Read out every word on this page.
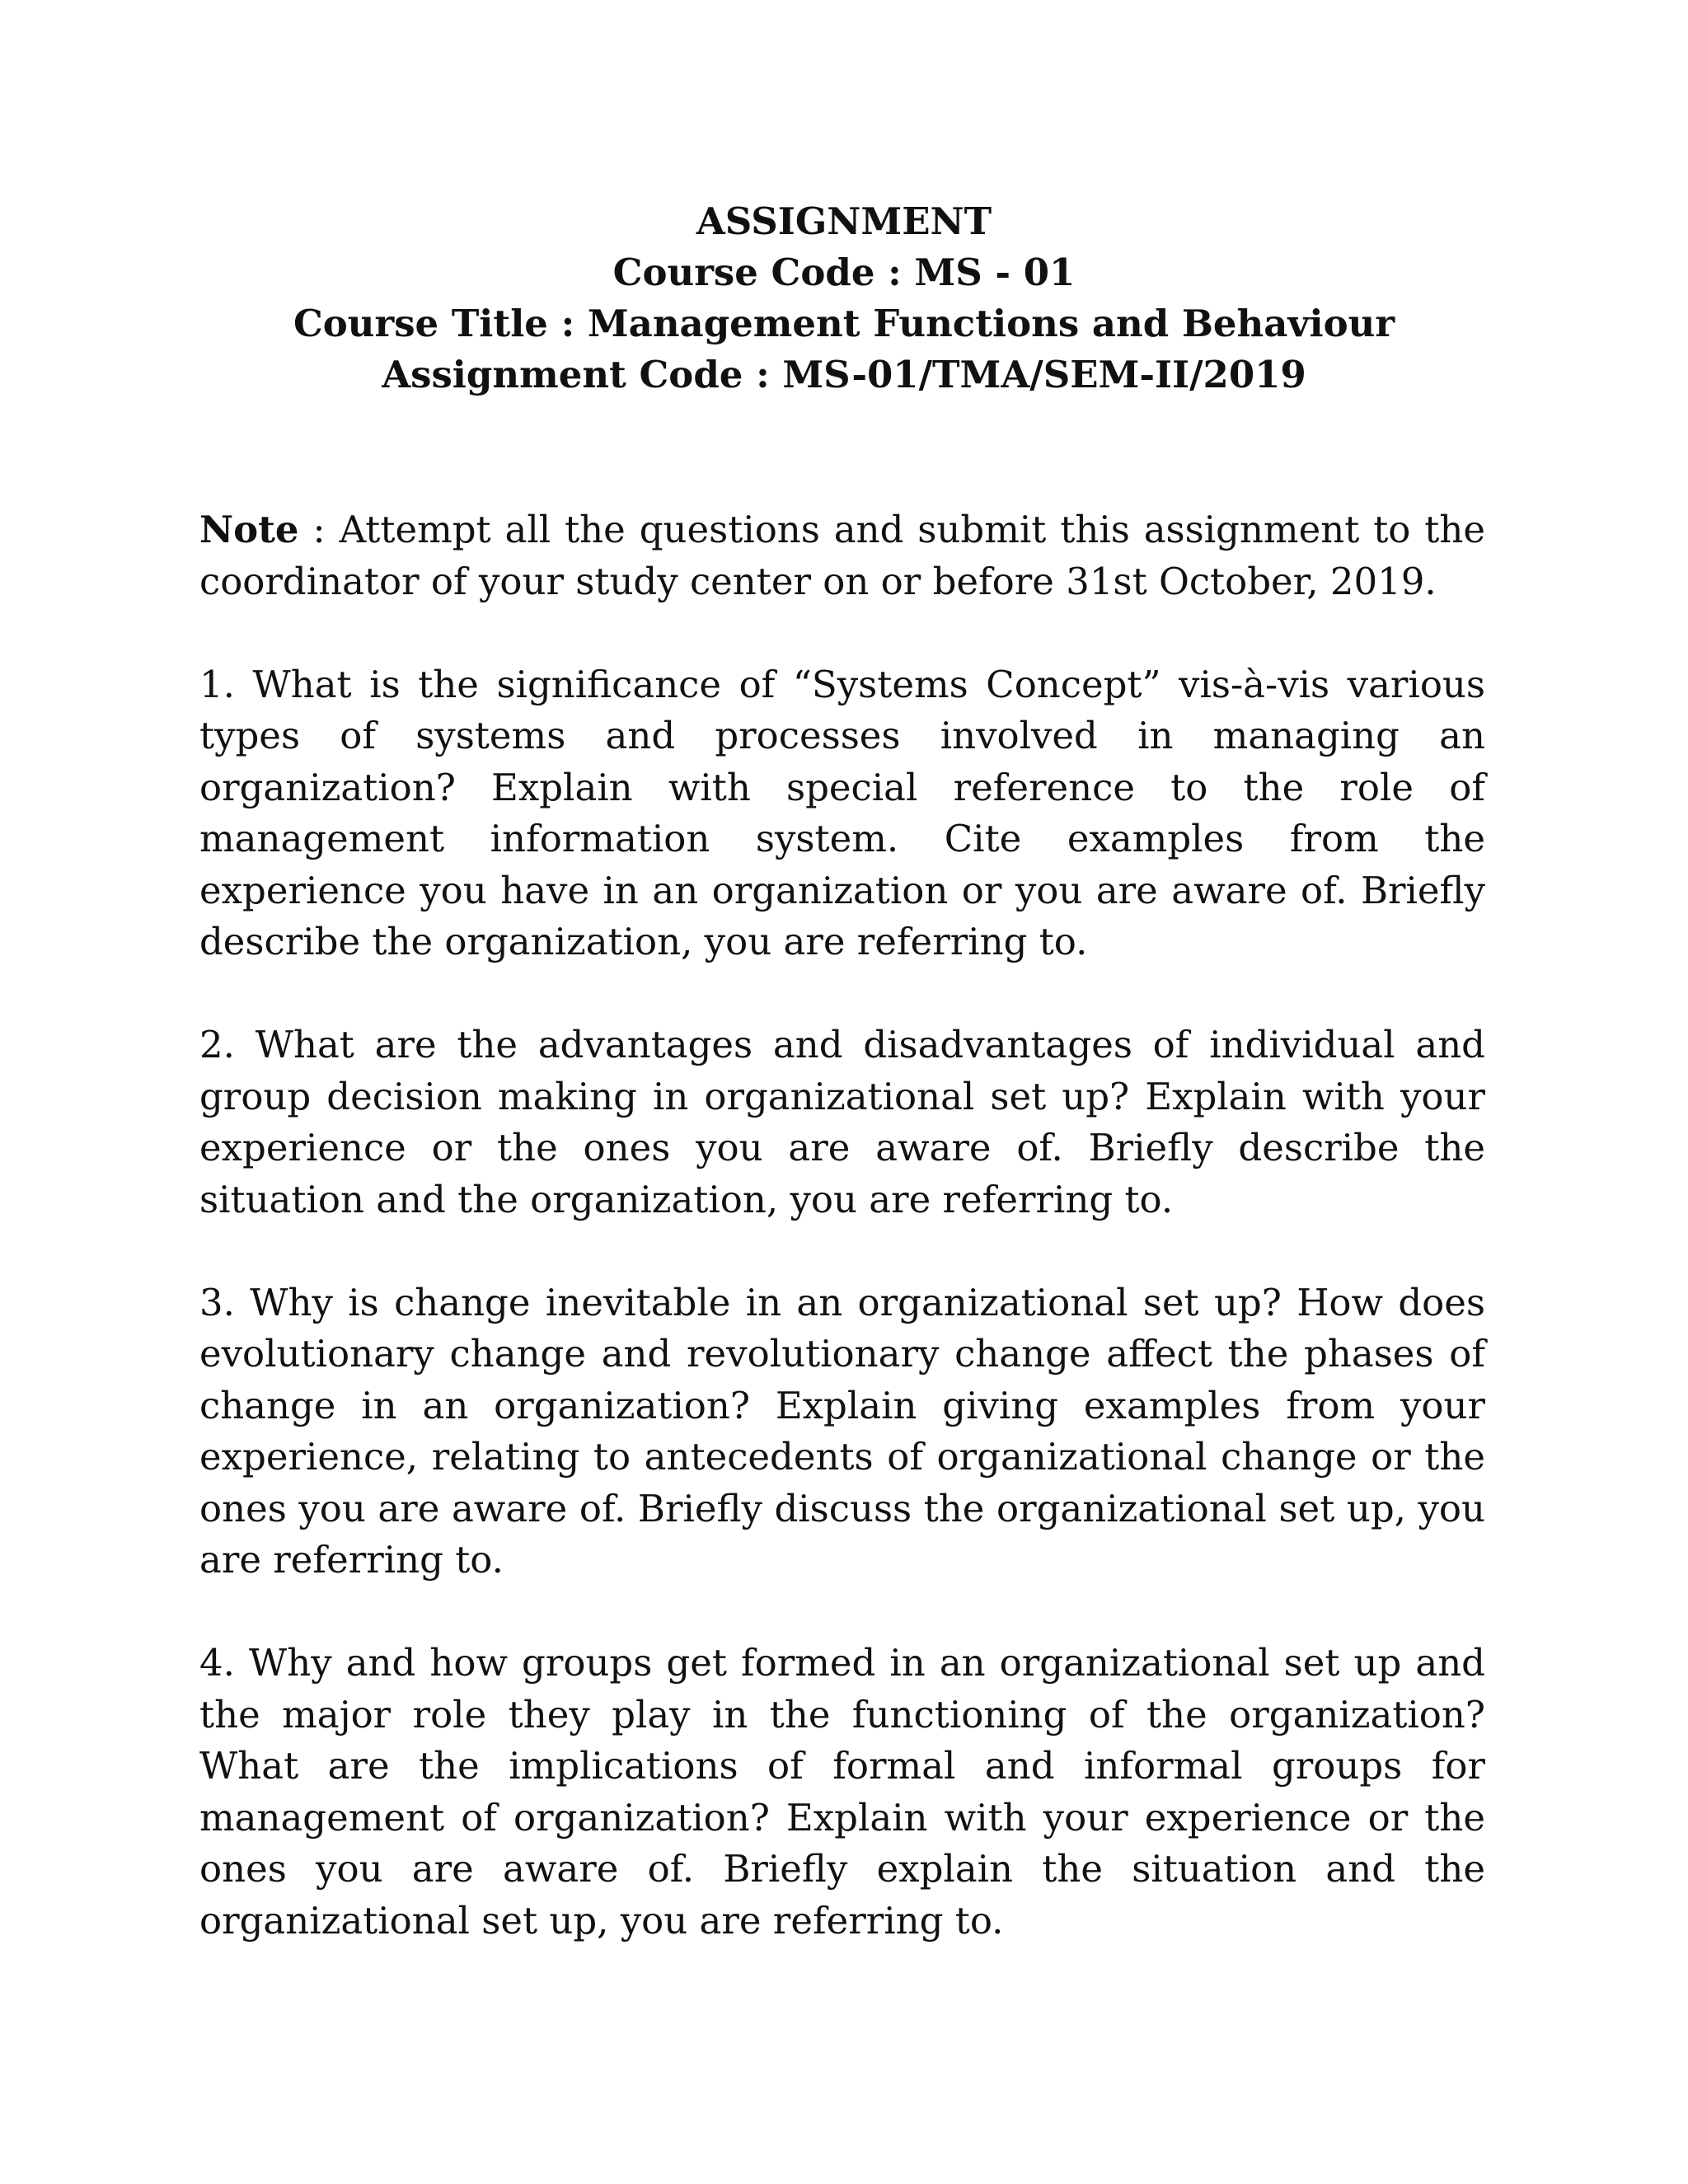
ASSIGNMENT
Course Code : MS - 01
Course Title : Management Functions and Behaviour
Assignment Code : MS-01/TMA/SEM-II/2019

Note : Attempt all the questions and submit this assignment to the coordinator of your study center on or before 31st October, 2019.

1. What is the significance of “Systems Concept” vis-à-vis various types of systems and processes involved in managing an organization? Explain with special reference to the role of management information system. Cite examples from the experience you have in an organization or you are aware of. Briefly describe the organization, you are referring to.

2. What are the advantages and disadvantages of individual and group decision making in organizational set up? Explain with your experience or the ones you are aware of. Briefly describe the situation and the organization, you are referring to.

3. Why is change inevitable in an organizational set up? How does evolutionary change and revolutionary change affect the phases of change in an organization? Explain giving examples from your experience, relating to antecedents of organizational change or the ones you are aware of. Briefly discuss the organizational set up, you are referring to.

4. Why and how groups get formed in an organizational set up and the major role they play in the functioning of the organization? What are the implications of formal and informal groups for management of organization? Explain with your experience or the ones you are aware of. Briefly explain the situation and the organizational set up, you are referring to.
